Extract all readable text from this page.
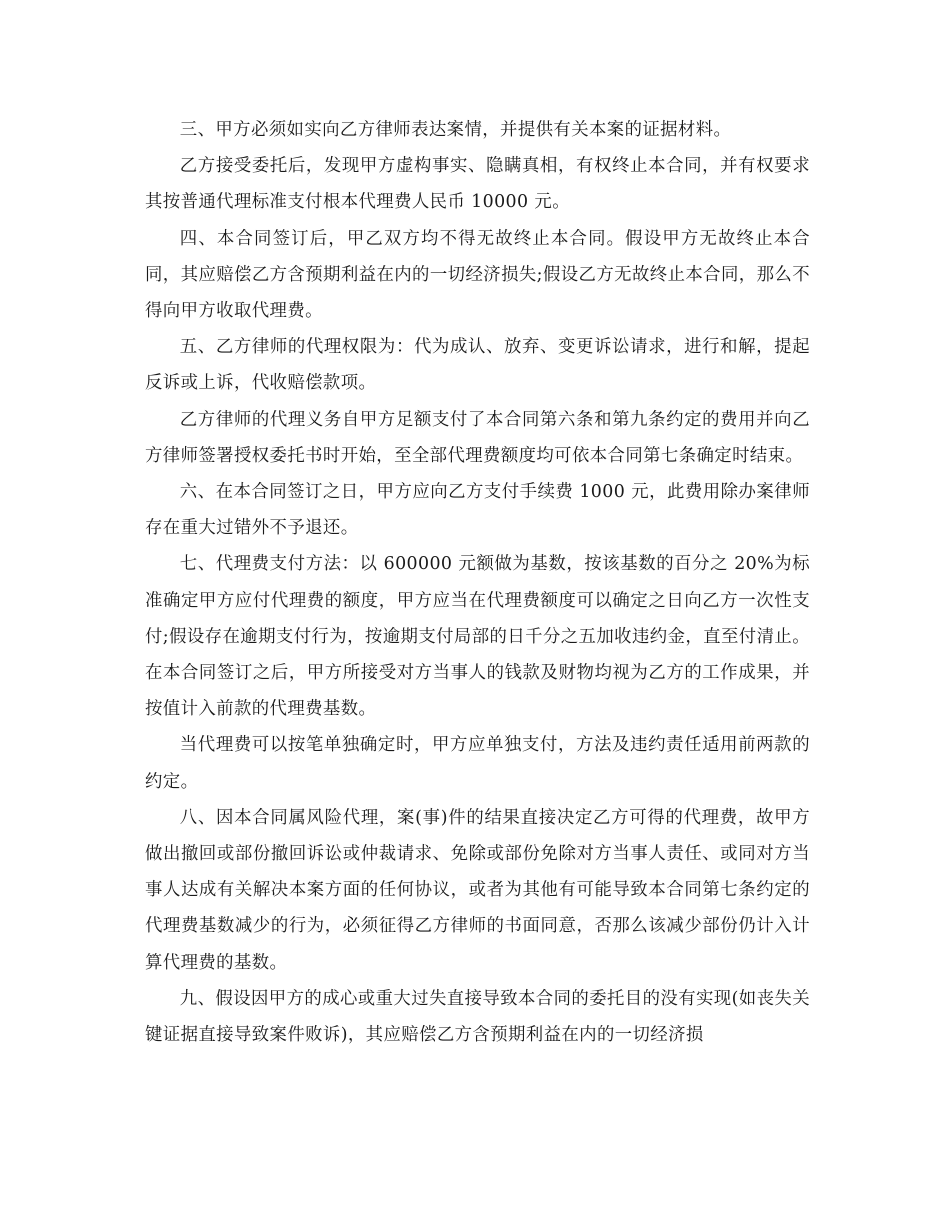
三、甲方必须如实向乙方律师表达案情，并提供有关本案的证据材料。

乙方接受委托后，发现甲方虚构事实、隐瞒真相，有权终止本合同，并有权要求其按普通代理标准支付根本代理费人民币 10000 元。

四、本合同签订后，甲乙双方均不得无故终止本合同。假设甲方无故终止本合同，其应赔偿乙方含预期利益在内的一切经济损失;假设乙方无故终止本合同，那么不得向甲方收取代理费。

五、乙方律师的代理权限为：代为成认、放弃、变更诉讼请求，进行和解，提起反诉或上诉，代收赔偿款项。

乙方律师的代理义务自甲方足额支付了本合同第六条和第九条约定的费用并向乙方律师签署授权委托书时开始，至全部代理费额度均可依本合同第七条确定时结束。

六、在本合同签订之日，甲方应向乙方支付手续费 1000 元，此费用除办案律师存在重大过错外不予退还。

七、代理费支付方法：以 600000 元额做为基数，按该基数的百分之 20%为标准确定甲方应付代理费的额度，甲方应当在代理费额度可以确定之日向乙方一次性支付;假设存在逾期支付行为，按逾期支付局部的日千分之五加收违约金，直至付清止。在本合同签订之后，甲方所接受对方当事人的钱款及财物均视为乙方的工作成果，并按值计入前款的代理费基数。

当代理费可以按笔单独确定时，甲方应单独支付，方法及违约责任适用前两款的约定。

八、因本合同属风险代理，案(事)件的结果直接决定乙方可得的代理费，故甲方做出撤回或部份撤回诉讼或仲裁请求、免除或部份免除对方当事人责任、或同对方当事人达成有关解决本案方面的任何协议，或者为其他有可能导致本合同第七条约定的代理费基数减少的行为，必须征得乙方律师的书面同意，否那么该减少部份仍计入计算代理费的基数。

九、假设因甲方的成心或重大过失直接导致本合同的委托目的没有实现(如丧失关键证据直接导致案件败诉)，其应赔偿乙方含预期利益在内的一切经济损
